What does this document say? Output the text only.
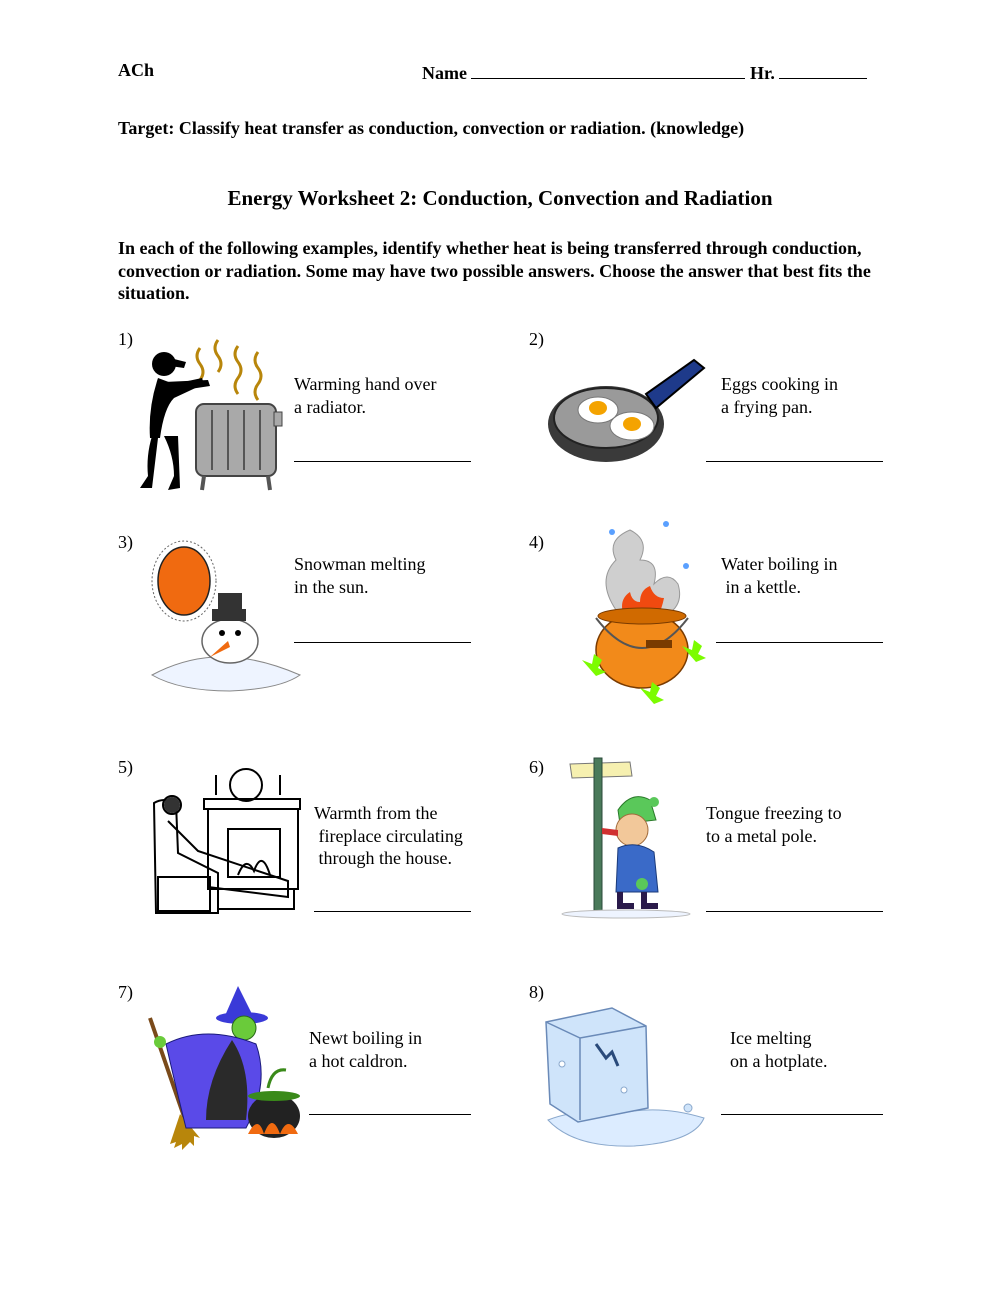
ACh	Name	Hr.
Target: Classify heat transfer as conduction, convection or radiation. (knowledge)
Energy Worksheet 2: Conduction, Convection and Radiation
In each of the following examples, identify whether heat is being transferred through conduction, convection or radiation. Some may have two possible answers. Choose the answer that best fits the situation.
1)
Warming hand over
a radiator.
2)
Eggs cooking in
a frying pan.
3)
Snowman melting
in the sun.
4)
Water boiling in
in a kettle.
5)
Warmth from the
fireplace circulating
through the house.
6)
Tongue freezing to
to a metal pole.
7)
Newt boiling in
a hot caldron.
8)
Ice melting
on a hotplate.
